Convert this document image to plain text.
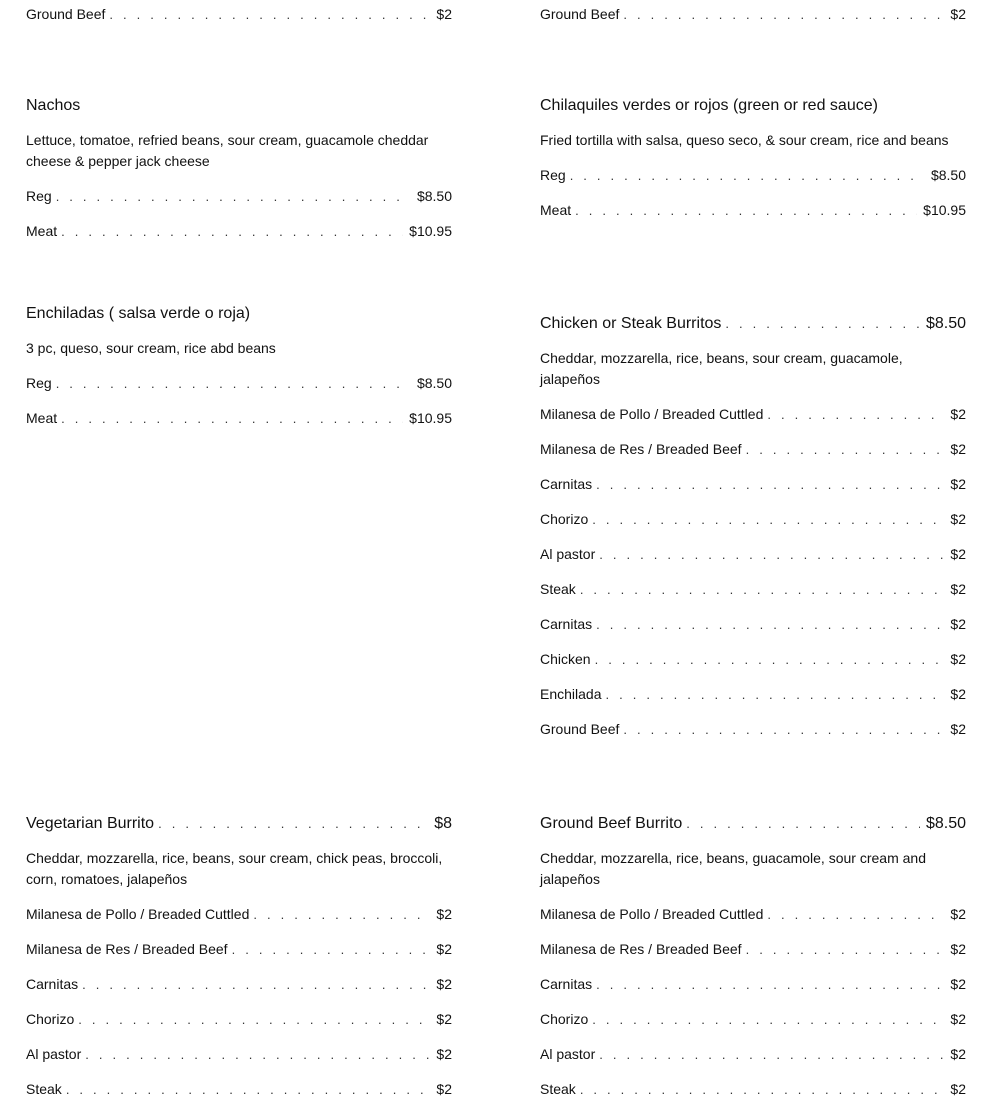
Ground Beef . . .	$2
Nachos
Lettuce, tomatoe, refried beans, sour cream, guacamole cheddar cheese & pepper jack cheese
Reg . . .	$8.50
Meat . . .	$10.95
Enchiladas ( salsa verde o roja)
3 pc, queso, sour cream, rice abd beans
Reg . . .	$8.50
Meat . . .	$10.95
Vegetarian Burrito . . .	$8
Cheddar, mozzarella, rice, beans, sour cream, chick peas, broccoli, corn, romatoes, jalapeños
Milanesa de Pollo / Breaded Cuttled . . .	$2
Milanesa de Res / Breaded Beef . . .	$2
Carnitas . . .	$2
Chorizo . . .	$2
Al pastor . . .	$2
Steak . . .	$2
Ground Beef . . .	$2
Chilaquiles verdes or rojos (green or red sauce)
Fried tortilla with salsa, queso seco, & sour cream, rice and beans
Reg . . .	$8.50
Meat . . .	$10.95
Chicken or Steak Burritos . . .	$8.50
Cheddar, mozzarella, rice, beans, sour cream, guacamole, jalapeños
Milanesa de Pollo / Breaded Cuttled . . .	$2
Milanesa de Res / Breaded Beef . . .	$2
Carnitas . . .	$2
Chorizo . . .	$2
Al pastor . . .	$2
Steak . . .	$2
Carnitas . . .	$2
Chicken . . .	$2
Enchilada . . .	$2
Ground Beef . . .	$2
Ground Beef Burrito . . .	$8.50
Cheddar, mozzarella, rice, beans, guacamole, sour cream and jalapeños
Milanesa de Pollo / Breaded Cuttled . . .	$2
Milanesa de Res / Breaded Beef . . .	$2
Carnitas . . .	$2
Chorizo . . .	$2
Al pastor . . .	$2
Steak . . .	$2
